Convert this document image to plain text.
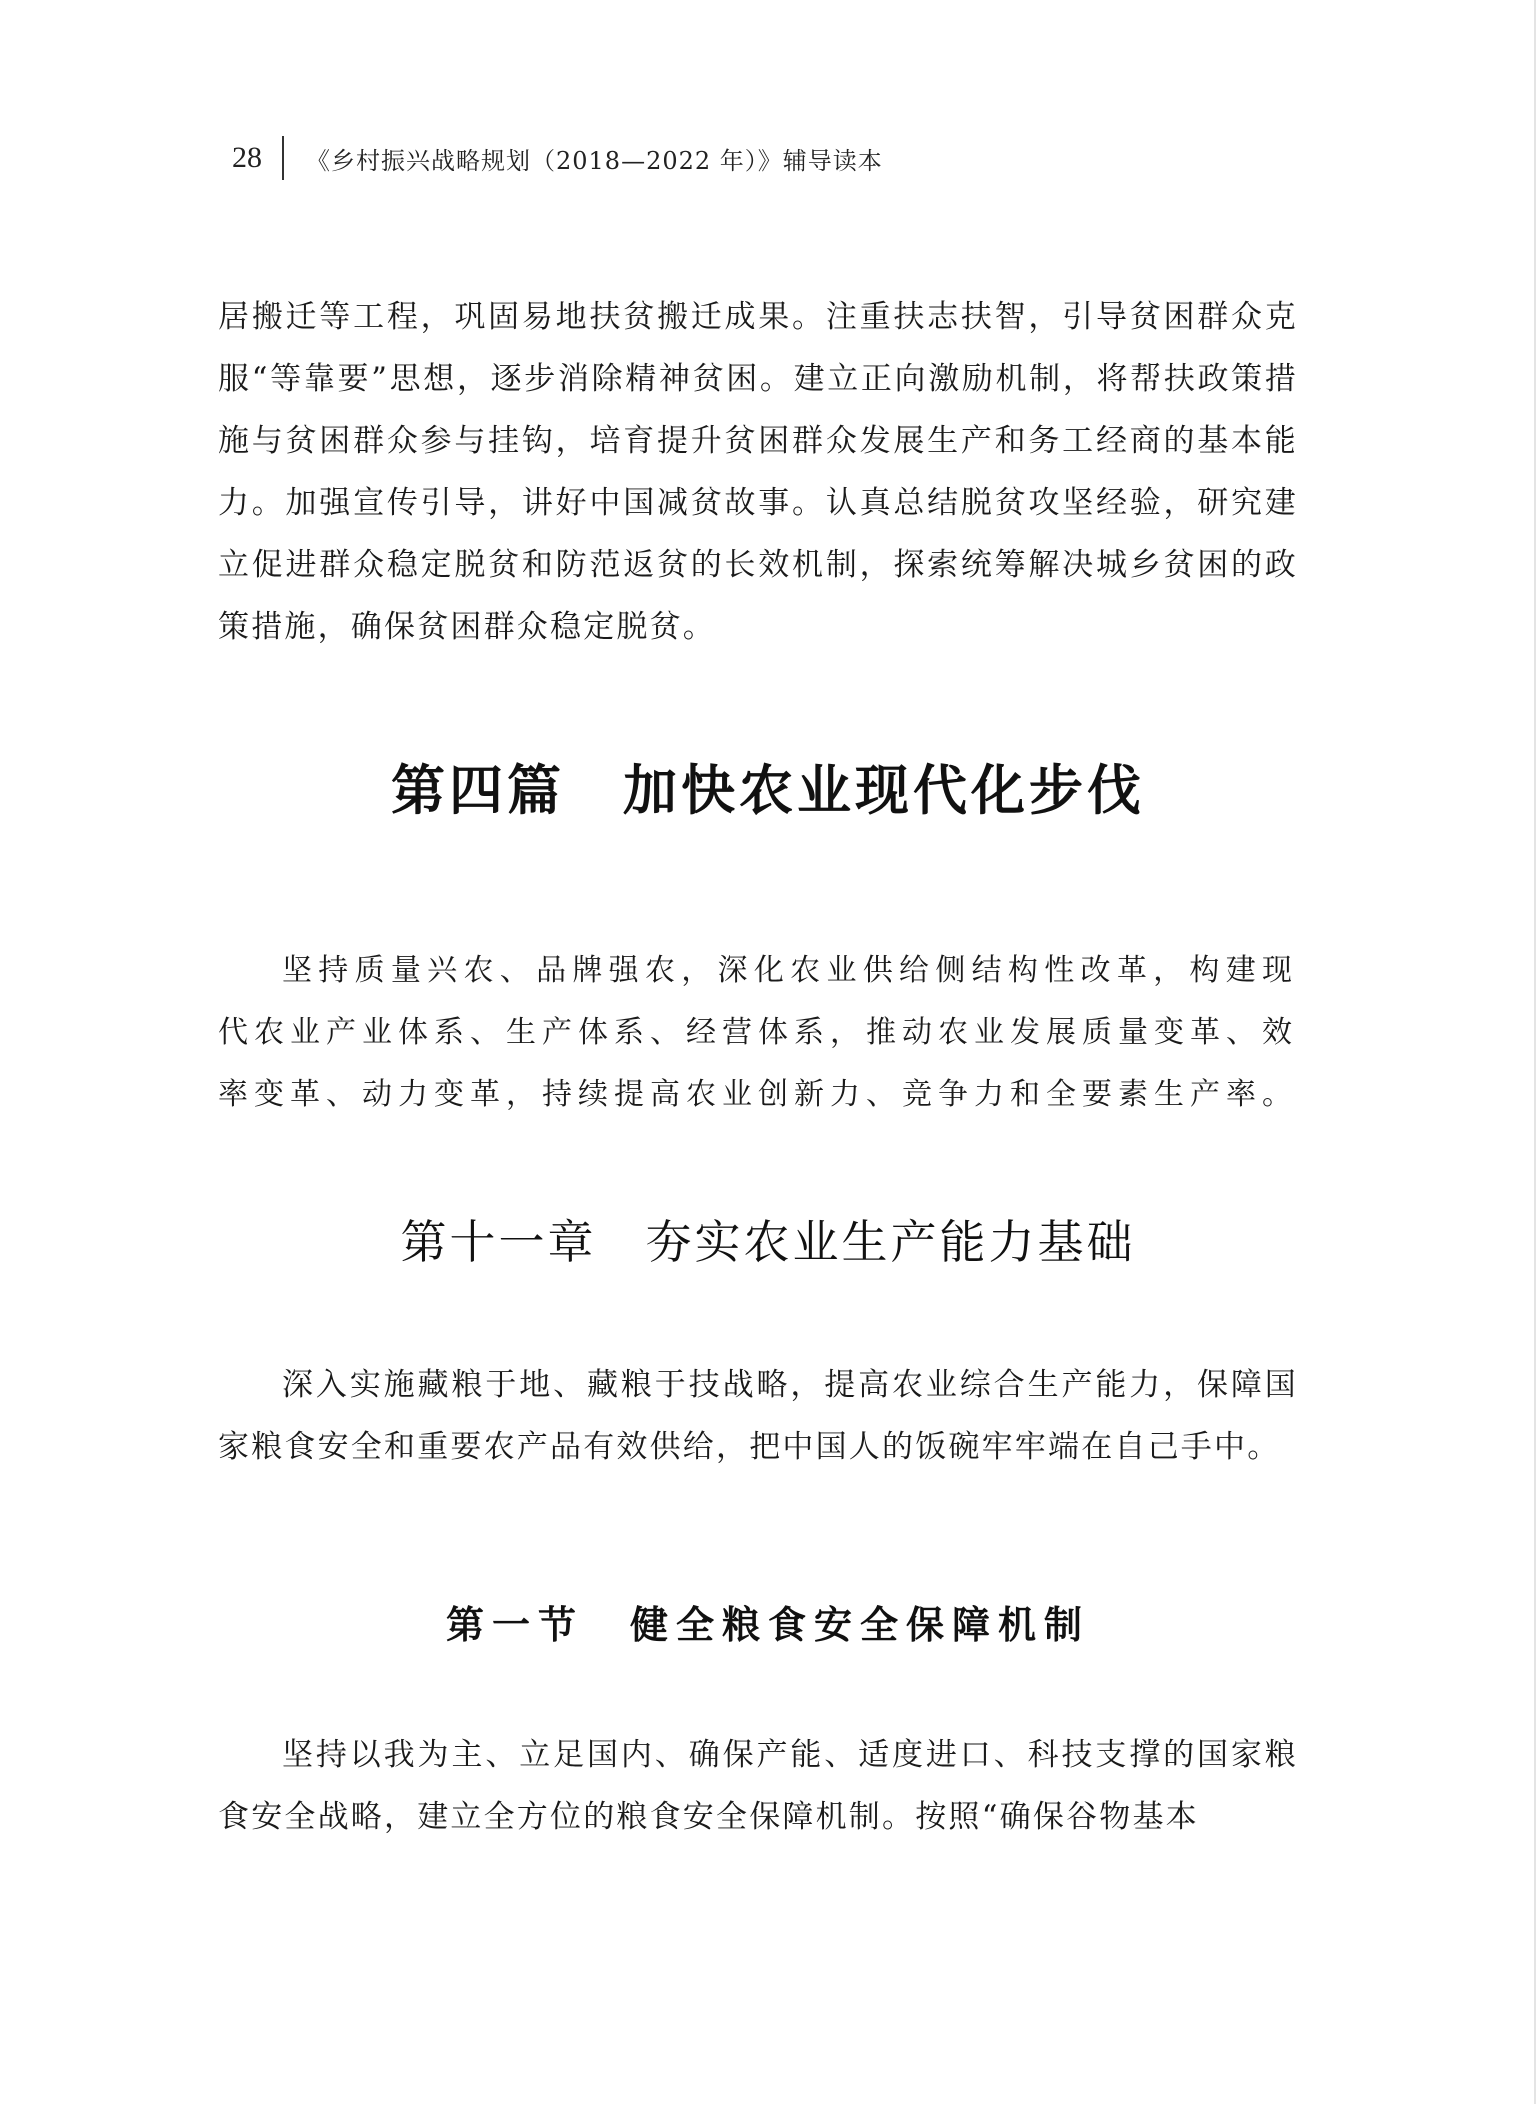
28 《乡村振兴战略规划（2018—2022 年）》辅导读本

居搬迁等工程，巩固易地扶贫搬迁成果。注重扶志扶智，引导贫困群众克服“等靠要”思想，逐步消除精神贫困。建立正向激励机制，将帮扶政策措施与贫困群众参与挂钩，培育提升贫困群众发展生产和务工经商的基本能力。加强宣传引导，讲好中国减贫故事。认真总结脱贫攻坚经验，研究建立促进群众稳定脱贫和防范返贫的长效机制，探索统筹解决城乡贫困的政策措施，确保贫困群众稳定脱贫。

第四篇　加快农业现代化步伐

坚持质量兴农、品牌强农，深化农业供给侧结构性改革，构建现代农业产业体系、生产体系、经营体系，推动农业发展质量变革、效率变革、动力变革，持续提高农业创新力、竞争力和全要素生产率。

第十一章　夯实农业生产能力基础

深入实施藏粮于地、藏粮于技战略，提高农业综合生产能力，保障国家粮食安全和重要农产品有效供给，把中国人的饭碗牢牢端在自己手中。

第一节　健全粮食安全保障机制

坚持以我为主、立足国内、确保产能、适度进口、科技支撑的国家粮食安全战略，建立全方位的粮食安全保障机制。按照“确保谷物基本
